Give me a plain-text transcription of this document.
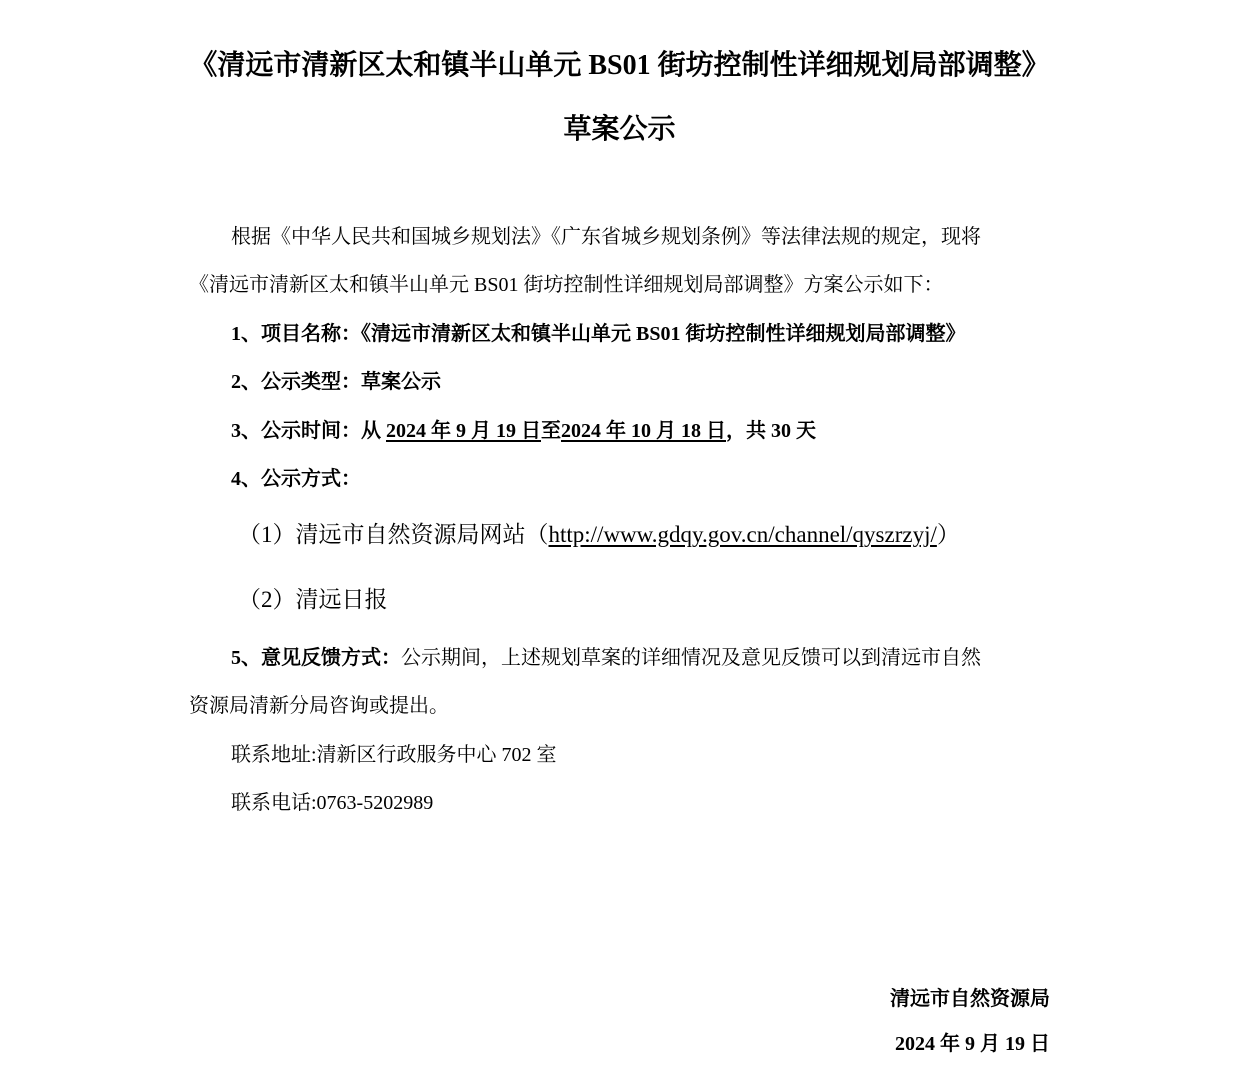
《清远市清新区太和镇半山单元 BS01 街坊控制性详细规划局部调整》
草案公示
根据《中华人民共和国城乡规划法》《广东省城乡规划条例》等法律法规的规定，现将
《清远市清新区太和镇半山单元 BS01 街坊控制性详细规划局部调整》方案公示如下：
1、项目名称：《清远市清新区太和镇半山单元 BS01 街坊控制性详细规划局部调整》
2、公示类型：草案公示
3、公示时间：从 2024 年 9 月 19 日至2024 年 10 月 18 日，共 30 天
4、公示方式：
（1）清远市自然资源局网站（http://www.gdqy.gov.cn/channel/qyszrzyj/）
（2）清远日报
5、意见反馈方式：公示期间，上述规划草案的详细情况及意见反馈可以到清远市自然
资源局清新分局咨询或提出。
联系地址:清新区行政服务中心 702 室
联系电话:0763-5202989
清远市自然资源局
2024 年 9 月 19 日
